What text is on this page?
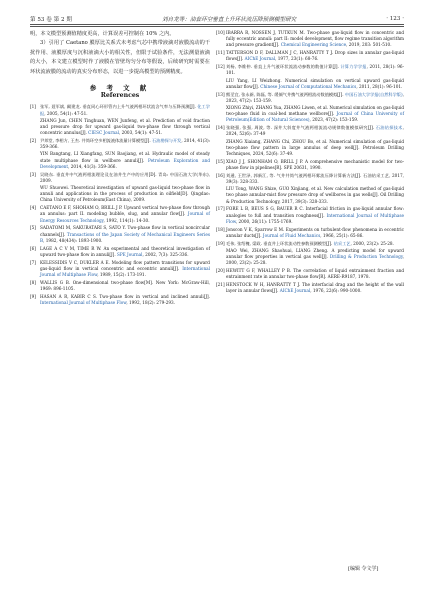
第 53 卷 第 2 期	刘自龙等：油套环空垂直上升环状流压降预测模型研究	· 123 ·

明，本文模型预测值精度更高，计算误差可控制在 10% 之内。

3）引用了 Caetano 膜厚比关系式未考虑气芯中携带液滴对液膜流动的干扰作用、液膜厚度与沉积液滴大小的相关性，但限于试验条件，无法测量液滴的大小，本文建立模型时作了液膜在管壁均匀分布等假设，后续研究时需要在环状流液膜的流动的真实分布形态，以进一步提高模型的预测精度。

参 考 文 献
References
[1] 张军, 聂军斌, 阚建龙. 垂直同心环形管内上升气液两相环状流含气率与压降预测[J]. 化工学报, 2005, 54(1): 47-51.
ZHANG Jun, CHEN Tinghuan, WEN Junfeng, et al. Prediction of void fraction and pressure drop for upward gas-liquid two-phase flow through vertical concentric annulus[J]. CIESC Journal, 2003, 54(1): 47-51.
[2] 尹邦堂, 李相方, 王杰. 井筒环空多相流液体流量计算模型[J]. 石油勘探与开发, 2014, 41(3): 359-366.
YIN Bangtang, LI Xiangfang, SUN Baojiang, et al. Hydraulic model of steady state multiphase flow in wellbore annuli[J]. Petroleum Exploration and Development, 2014, 41(3): 359-366.
[3] 吴晓东. 垂直井中气液两相流理论及在油井生产中的应用[D]. 青岛: 中国石油大学(华东), 2009.
WU Shuowei. Theoretical investigation of upward gas-liquid two-phase flow in annuli and applications in the process of production in oilfield[D]. Qingdao: China University of Petroleum(East China), 2009.
[4] CAETANO E F, SHOHAM O, BRILL J P. Upward vertical two-phase flow through an annulus: part II. modeling bubble, slug, and annular flow[J]. Journal of Energy Resources Technology, 1992, 114(1): 14-30.
[5] SADATOMI M, SAKURATARI S, SATO Y. Two-phase flow in vertical noncircular channels[J]. Transactions of the Japan Society of Mechanical Engineers Series B, 1982, 48(434): 1893-1900.
[6] LAGE A C V M, TIME R W. An experimental and theoretical investigation of upward two-phase flow in annuli[J]. SPE Journal, 2002, 7(3): 325-336.
[7] KELESSIDIS V C, DUKLER A E. Modeling flow pattern transitions for upward gas-liquid flow in vertical concentric and eccentric annuli[J]. International Journal of Multiphase Flow, 1989, 15(2): 173-191.
[8] WALLIS G B. One-dimensional two-phase flow[M]. New York: McGraw-Hill, 1969: 896-1105.
[9] HASAN A R, KABIR C S. Two-phase flow in vertical and inclined annuli[J]. International Journal of Multiphase Flow, 1992, 18(2): 279-293.
[10] IBARRA R, NOSSEN J, TUTKUN M. Two-phase gas-liquid flow in concentric and fully eccentric annuli: part II: model development, flow regime transition algorithm and pressure gradient[J]. Chemical Engineering Science, 2019, 203: 501-510.
[11] TATTERSON D F, DALLMAN J C, HANRATTY T J. Drop sizes in annular gas-liquid flows[J]. AIChE Journal, 1977, 23(1): 68-76.
[12] 刘杨, 李维仲. 垂直上升气液环状流流动参数的数值计算[J]. 计算力学学报, 2011, 28(1): 96-101.
LIU Yang, LI Weizhong. Numerical simulation on vertical upward gas-liquid annular flow[J]. Chinese Journal of Computational Mechanics, 2011, 28(1): 96-101.
[13] 熊至宜, 张永新, 陈磊, 等. 缓倾气井携气液两相流动数值模拟[J]. 中国石油大学学报(自然科学版), 2023, 47(2): 153-159.
XIONG Zhiyi, ZHANG Yua, ZHANG Liwen, et al. Numerical simulation on gas-liquid two-phase fluid in coal-bed methane wellbore[J]. Journal of China University of Petroleum(Edition of Natural Sciences), 2023, 47(2): 153-159.
[14] 张晓强, 张强, 周波, 等. 深井大斜度井气液两相流流动规律数值模拟研究[J]. 石油钻探技术, 2024, 52(6): 37-49
ZHANG Xiaiang, ZHANG Chi, ZHOU Bo, et al. Numerical simulation of gas-liquid two-phase flow pattern in large annulus of deep well[J]. Petroleum Drilling Techniques, 2024, 52(6): 37-49.
[15] XIAO J J, SHONHAM O, BRILL J P. A comprehensive mechanistic model for two-phase flow in pipelines[R]. SPE 20631, 1990.
[16] 刘通, 王世泽, 郭新江, 等. 气井井筒气液两相环雾流压降计算新方法[J]. 石油钻采工艺, 2017, 39(3): 328-333.
LIU Tong, WANG Shize, GUO Xinjiang, et al. New calculation method of gas-liquid two phase annular-mist flow pressure drop of wellbores in gas wells[J]. Oil Drilling & Production Technology, 2017, 39(3): 328-333.
[17] FORE L B, BEUS S G, BAUER R C. Interfacial friction in gas-liquid annular flow: analogies to full and transition roughness[J]. International Journal of Multiphase Flow, 2000, 26(11): 1755-1769.
[18] Jonscon V K, Sparrow E M. Experiments on turbulent-flow phenomena in eccentric annular ducts[J]. Journal of Fluid Mechanics, 1966, 25(1): 65-86.
[19] 毛伟, 张绍槐, 梁政. 垂直井上环状流动性参数预测模型[J]. 钻采工艺, 2000, 23(2): 25-28.
MAO Wei, ZHANG Shaohuai, LIANG Zheng. A predicting model for upward annular flow properties in vertical gas well[J]. Drilling & Production Technology, 2000, 23(2): 25-28.
[20] HEWITT G F, WHALLEY P B. The correlation of liquid entrainment fraction and entrainment rate in annular two-phase flow[R]. AERE-R9187, 1978.
[21] HENSTOCK W H, HANRATTY T J. The interfacial drag and the height of the wall layer in annular flows[J]. AIChE Journal, 1976, 22(6): 990-1000.
[编辑 令文学]
